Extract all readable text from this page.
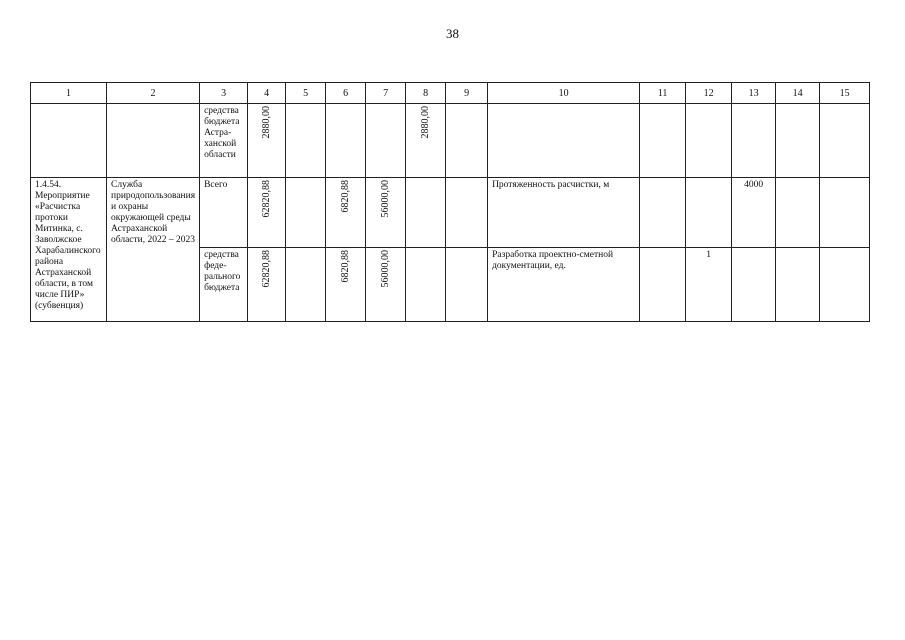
38
1	2	3	4	5	6	7	8	9	10	11	12	13	14	15
		средства бюджета Астра-ханской области	2880,00				2880,00							
1.4.54. Мероприятие «Расчистка протоки Митинка, с. Заволжское Харабалинского района Астраханской области, в том числе ПИР» (субвенция)	Служба природопользования и охраны окружающей среды Астраханской области, 2022 – 2023	Всего	62820,88		6820,88	56000,00			Протяженность расчистки, м			4000		
		средства феде-рального бюджета	62820,88		6820,88	56000,00			Разработка проектно-сметной документации, ед.		1			
